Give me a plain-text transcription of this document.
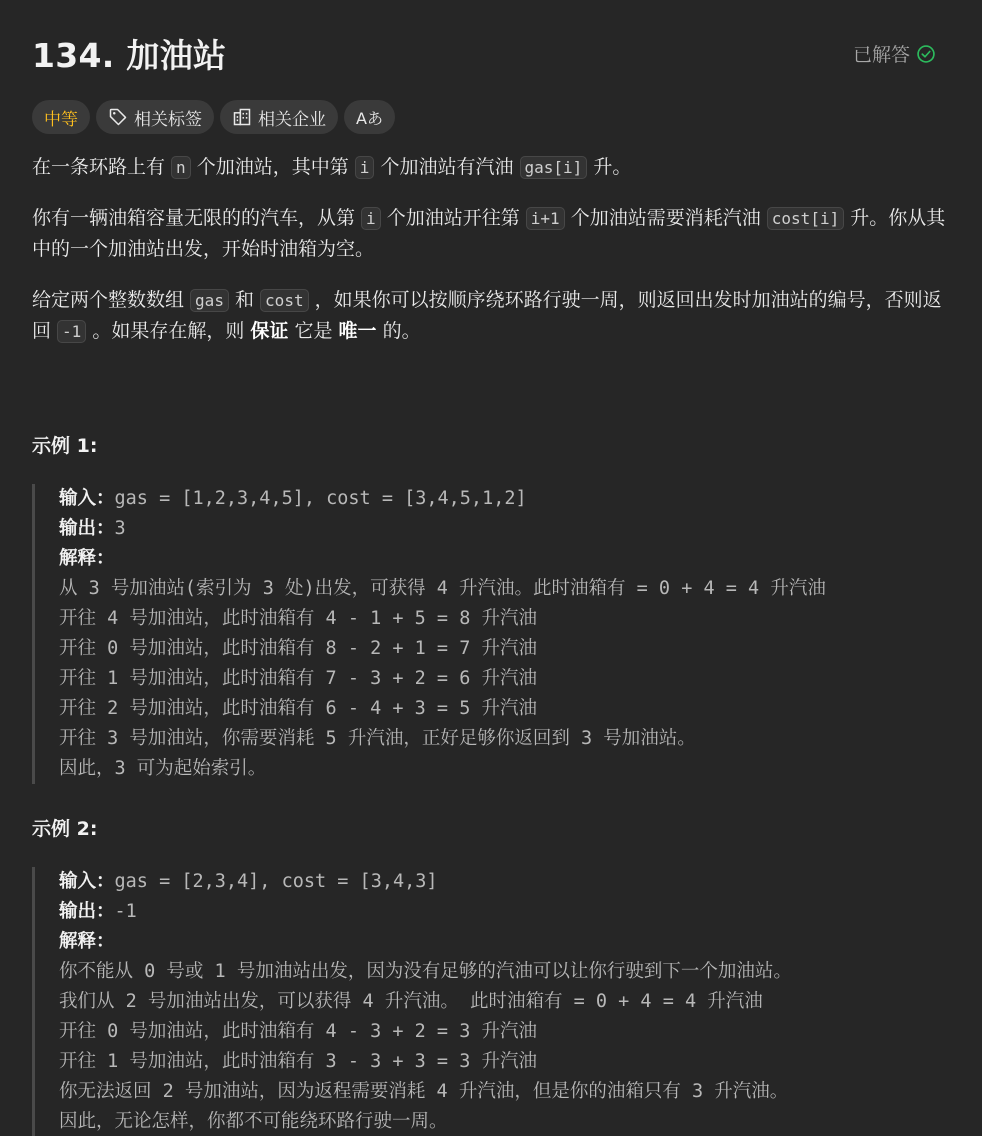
134. 加油站	已解答
中等	相关标签	相关企业 Aあ

在一条环路上有 n 个加油站，其中第 i 个加油站有汽油 gas[i] 升。

你有一辆油箱容量无限的的汽车，从第 i 个加油站开往第 i+1 个加油站需要消耗汽油 cost[i] 升。你从其中的一个加油站出发，开始时油箱为空。

给定两个整数数组 gas 和 cost ，如果你可以按顺序绕环路行驶一周，则返回出发时加油站的编号，否则返回 -1 。如果存在解，则 保证 它是 唯一 的。

示例 1:

输入：gas = [1,2,3,4,5], cost = [3,4,5,1,2]
输出：3
解释：
从 3 号加油站(索引为 3 处)出发，可获得 4 升汽油。此时油箱有 = 0 + 4 = 4 升汽油
开往 4 号加油站，此时油箱有 4 - 1 + 5 = 8 升汽油
开往 0 号加油站，此时油箱有 8 - 2 + 1 = 7 升汽油
开往 1 号加油站，此时油箱有 7 - 3 + 2 = 6 升汽油
开往 2 号加油站，此时油箱有 6 - 4 + 3 = 5 升汽油
开往 3 号加油站，你需要消耗 5 升汽油，正好足够你返回到 3 号加油站。
因此，3 可为起始索引。

示例 2:

输入：gas = [2,3,4], cost = [3,4,3]
输出：-1
解释：
你不能从 0 号或 1 号加油站出发，因为没有足够的汽油可以让你行驶到下一个加油站。
我们从 2 号加油站出发，可以获得 4 升汽油。 此时油箱有 = 0 + 4 = 4 升汽油
开往 0 号加油站，此时油箱有 4 - 3 + 2 = 3 升汽油
开往 1 号加油站，此时油箱有 3 - 3 + 3 = 3 升汽油
你无法返回 2 号加油站，因为返程需要消耗 4 升汽油，但是你的油箱只有 3 升汽油。
因此，无论怎样，你都不可能绕环路行驶一周。
